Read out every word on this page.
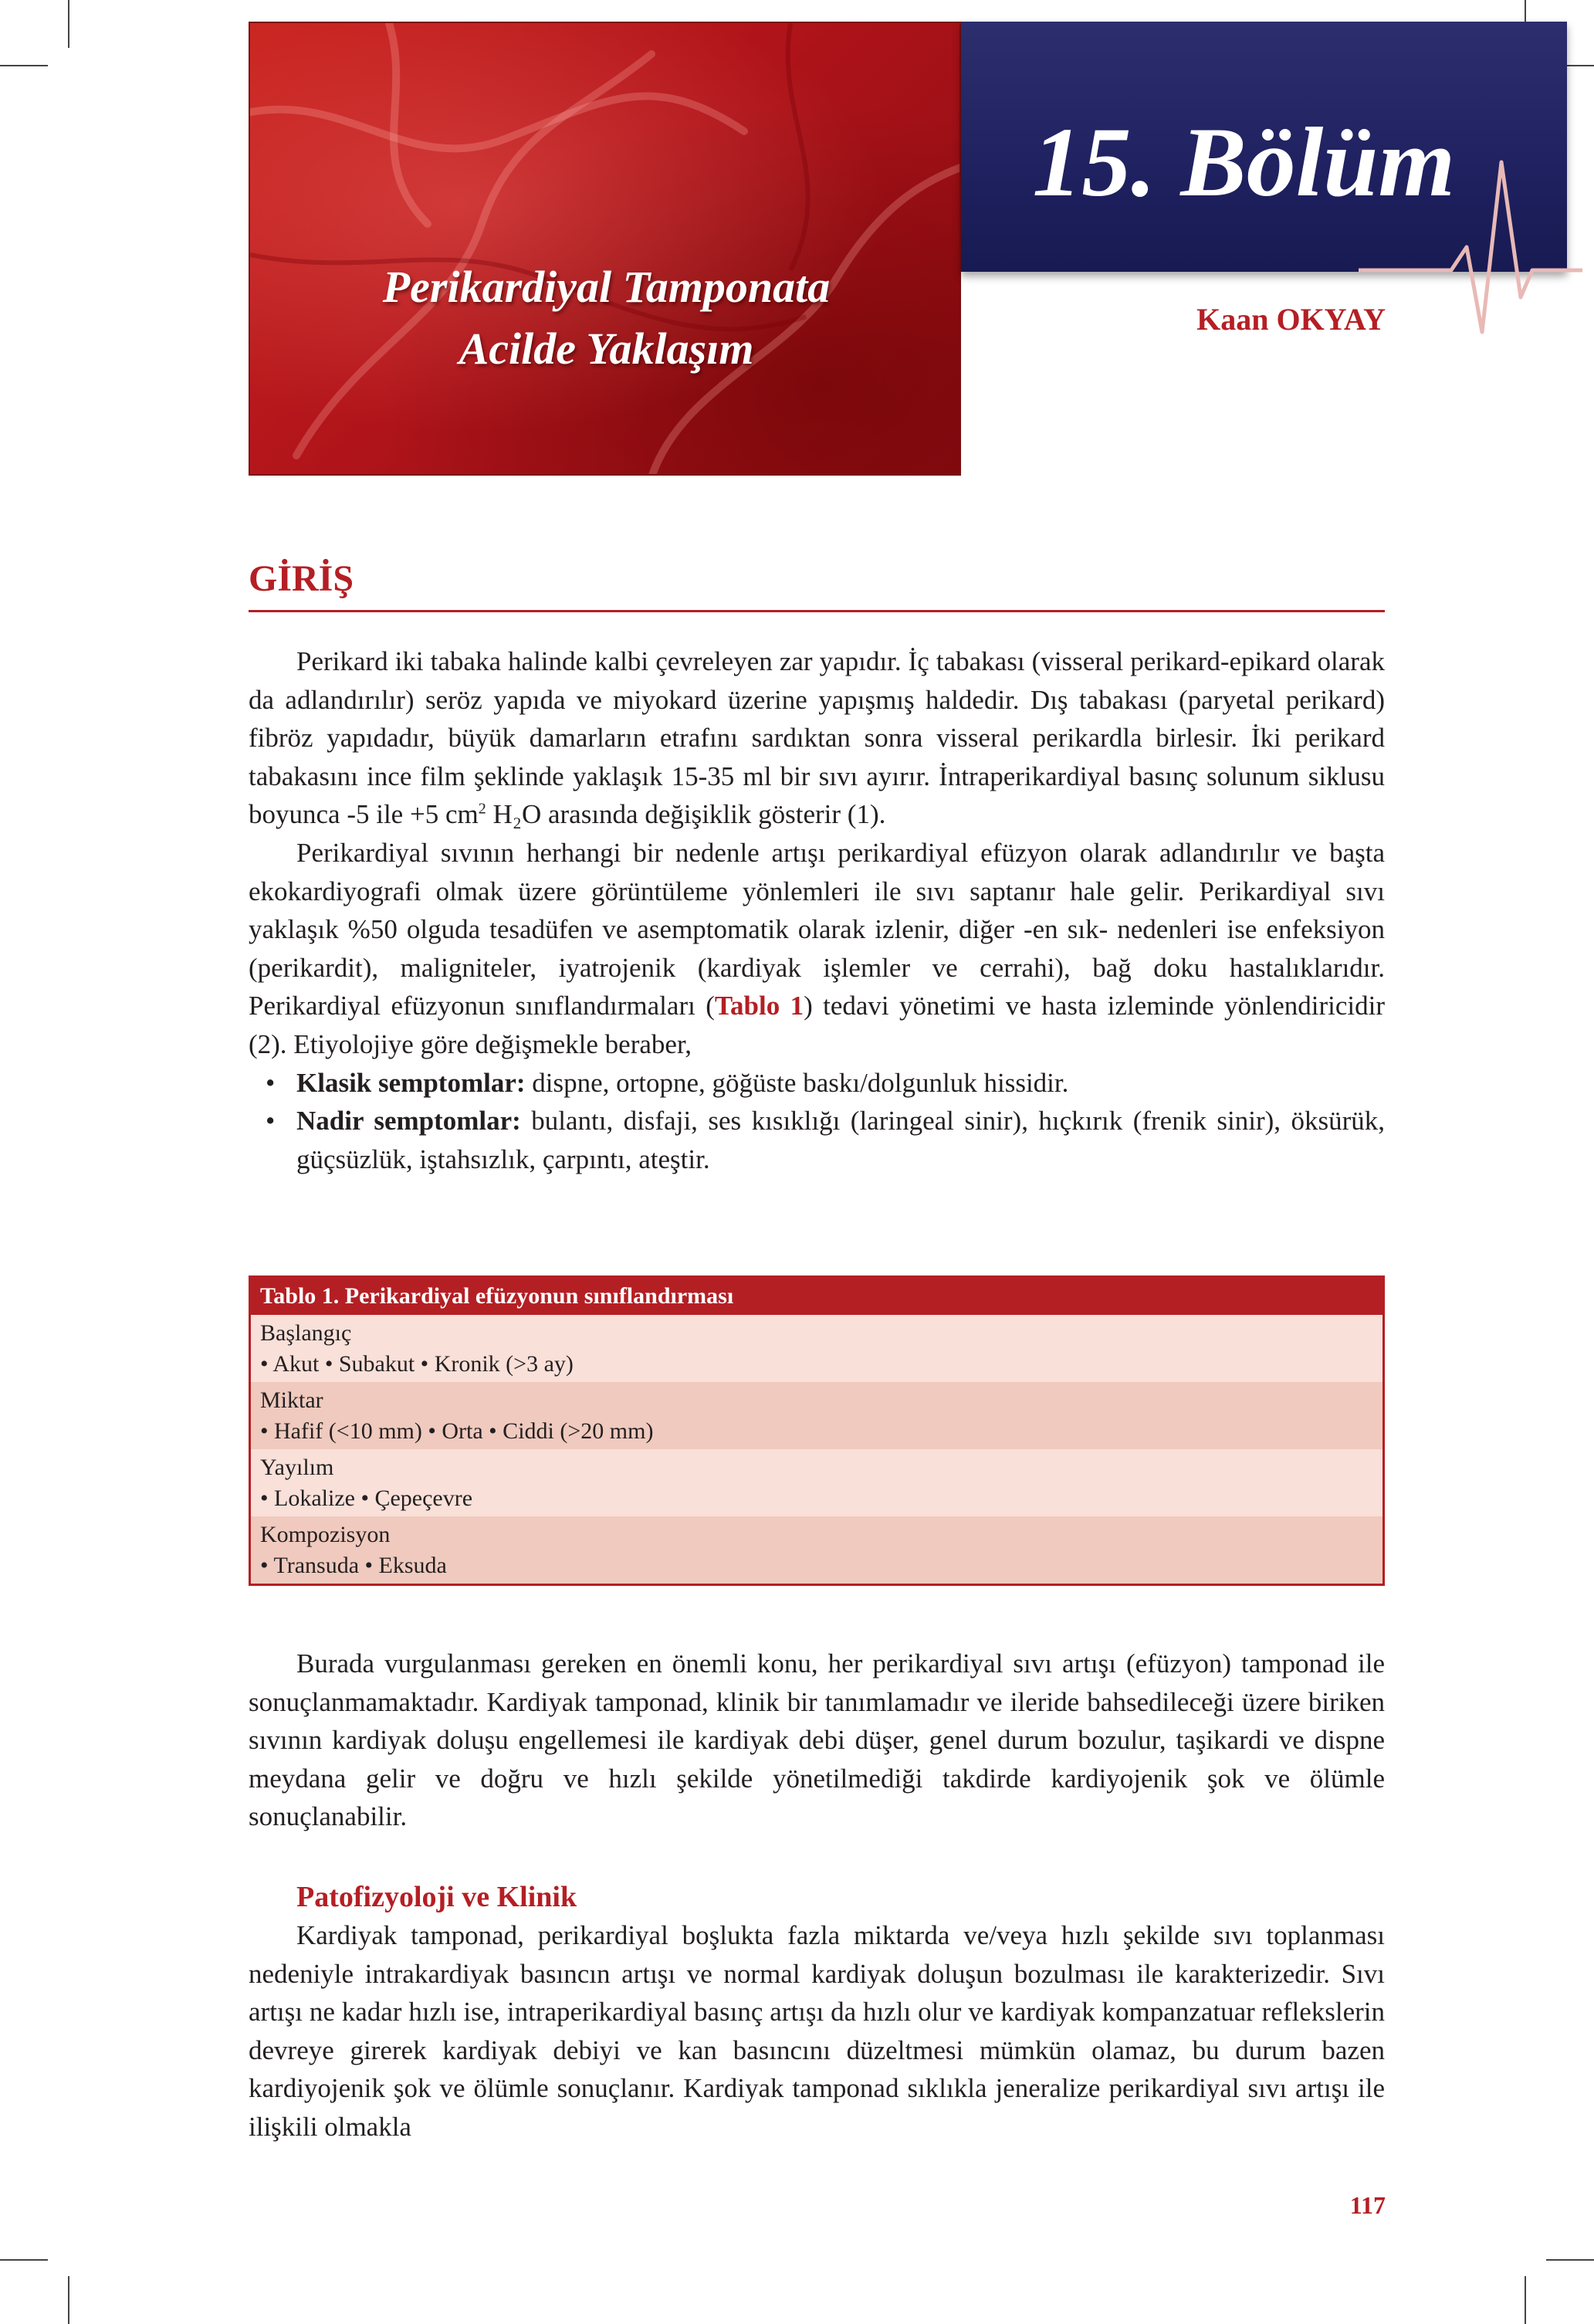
Perikardiyal Tamponata
Acilde Yaklaşım
15. Bölüm
Kaan OKYAY
GİRİŞ

Perikard iki tabaka halinde kalbi çevreleyen zar yapıdır. İç tabakası (visseral perikard-epikard olarak da adlandırılır) seröz yapıda ve miyokard üzerine yapışmış haldedir. Dış tabakası (paryetal perikard) fibröz yapıdadır, büyük damarların etrafını sardıktan sonra visseral perikardla birlesir. İki perikard tabakasını ince film şeklinde yaklaşık 15-35 ml bir sıvı ayırır. İntraperikardiyal basınç solunum siklusu boyunca -5 ile +5 $cm^2$ H₂O arasında değişiklik gösterir (1).

Perikardiyal sıvının herhangi bir nedenle artışı perikardiyal efüzyon olarak adlandırılır ve başta ekokardiyografi olmak üzere görüntüleme yönlemleri ile sıvı saptanır hale gelir. Perikardiyal sıvı yaklaşık %50 olguda tesadüfen ve asemptomatik olarak izlenir, diğer -en sık- nedenleri ise enfeksiyon (perikardit), maligniteler, iyatrojenik (kardiyak işlemler ve cerrahi), bağ doku hastalıklarıdır. Perikardiyal efüzyonun sınıflandırmaları (Tablo 1) tedavi yönetimi ve hasta izleminde yönlendiricidir (2). Etiyolojiye göre değişmekle beraber,

• Klasik semptomlar: dispne, ortopne, göğüste baskı/dolgunluk hissidir.
• Nadir semptomlar: bulantı, disfaji, ses kısıklığı (laringeal sinir), hıçkırık (frenik sinir), öksürük, güçsüzlük, iştahsızlık, çarpıntı, ateştir.
Tablo 1. Perikardiyal efüzyonun sınıflandırması
Başlangıç
• Akut • Subakut • Kronik (>3 ay)
Miktar
• Hafif (<10 mm) • Orta • Ciddi (>20 mm)
Yayılım
• Lokalize • Çepeçevre
Kompozisyon
• Transuda • Eksuda

Burada vurgulanması gereken en önemli konu, her perikardiyal sıvı artışı (efüzyon) tamponad ile sonuçlanmamaktadır. Kardiyak tamponad, klinik bir tanımlamadır ve ileride bahsedileceği üzere biriken sıvının kardiyak doluşu engellemesi ile kardiyak debi düşer, genel durum bozulur, taşikardi ve dispne meydana gelir ve doğru ve hızlı şekilde yönetilmediği takdirde kardiyojenik şok ve ölümle sonuçlanabilir.

Patofizyoloji ve Klinik

Kardiyak tamponad, perikardiyal boşlukta fazla miktarda ve/veya hızlı şekilde sıvı toplanması nedeniyle intrakardiyak basıncın artışı ve normal kardiyak doluşun bozulması ile karakterizedir. Sıvı artışı ne kadar hızlı ise, intraperikardiyal basınç artışı da hızlı olur ve kardiyak kompanzatuar reflekslerin devreye girerek kardiyak debiyi ve kan basıncını düzeltmesi mümkün olamaz, bu durum bazen kardiyojenik şok ve ölümle sonuçlanır. Kardiyak tamponad sıklıkla jeneralize perikardiyal sıvı artışı ile ilişkili olmakla

117
